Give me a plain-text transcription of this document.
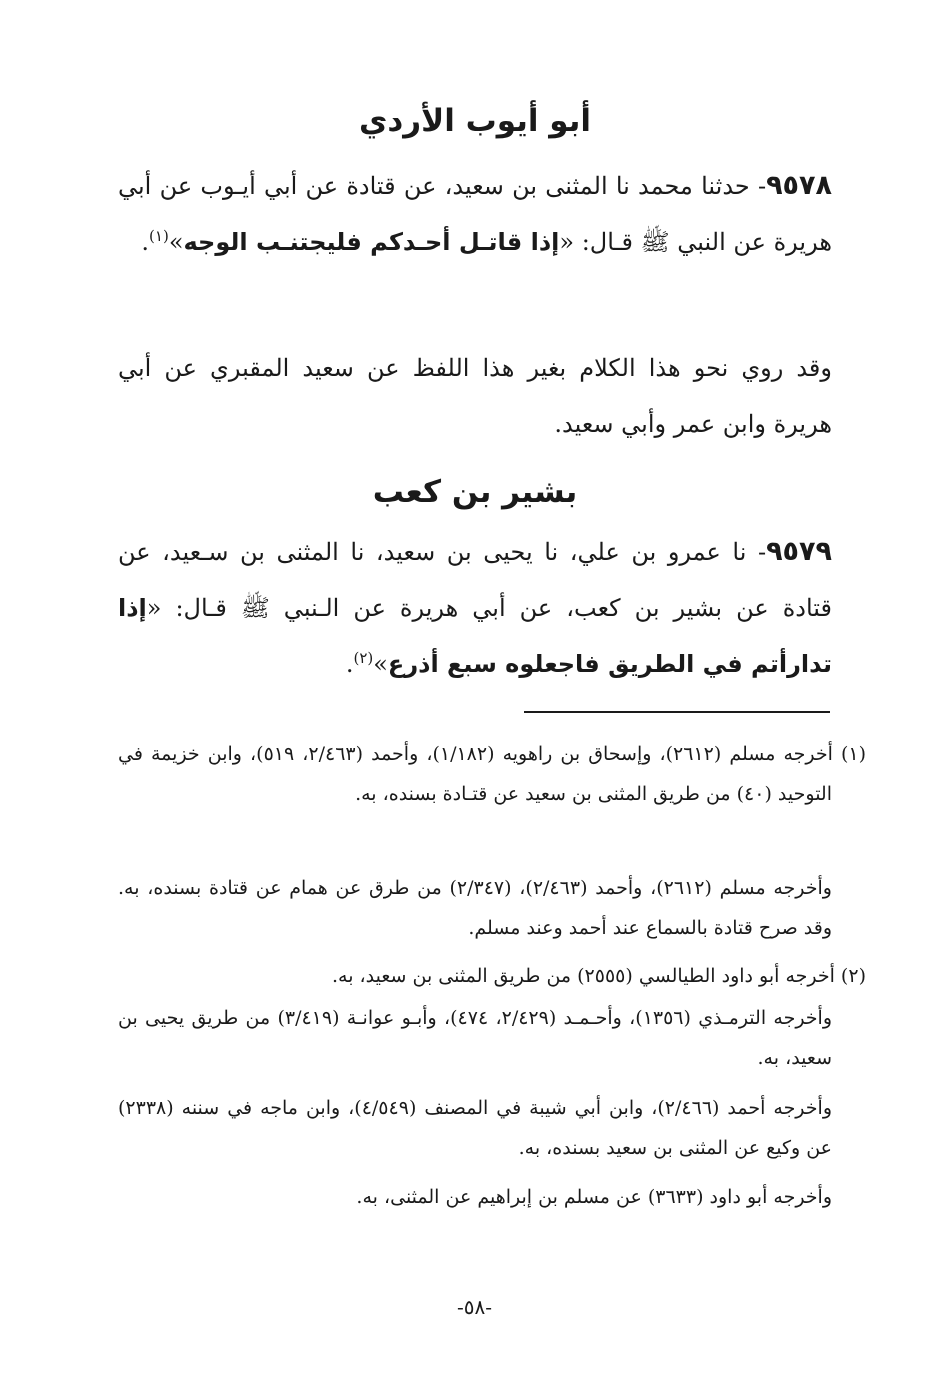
أبو أيوب الأردي
٩٥٧٨- حدثنا محمد نا المثنى بن سعيد، عن قتادة عن أبي أيـوب عن أبي هريرة عن النبي ﷺ قـال: «إذا قاتـل أحـدكم فليجتنـب الوجه»$^{(١)}$.
وقد روي نحو هذا الكلام بغير هذا اللفظ عن سعيد المقبري عن أبي هريرة وابن عمر وأبي سعيد.
بشير بن كعب
٩٥٧٩- نا عمرو بن علي، نا يحيى بن سعيد، نا المثنى بن سـعيد، عن قتادة عن بشير بن كعب، عن أبي هريرة عن الـنبي ﷺ قـال: «إذا تدارأتم في الطريق فاجعلوه سبع أذرع»$^{(٢)}$.
(١) أخرجه مسلم (٢٦١٢)، وإسحاق بن راهويه (١/١٨٢)، وأحمد (٢/٤٦٣، ٥١٩)، وابن خزيمة في التوحيد (٤٠) من طريق المثنى بن سعيد عن قتـادة بسنده، به.
وأخرجه مسلم (٢٦١٢)، وأحمد (٢/٤٦٣)، (٢/٣٤٧) من طرق عن همام عن قتادة بسنده، به. وقد صرح قتادة بالسماع عند أحمد وعند مسلم.
(٢) أخرجه أبو داود الطيالسي (٢٥٥٥) من طريق المثنى بن سعيد، به.
وأخرجه الترمـذي (١٣٥٦)، وأحـمـد (٢/٤٢٩، ٤٧٤)، وأبـو عوانـة (٣/٤١٩) من طريق يحيى بن سعيد، به.
وأخرجه أحمد (٢/٤٦٦)، وابن أبي شيبة في المصنف (٤/٥٤٩)، وابن ماجه في سننه (٢٣٣٨) عن وكيع عن المثنى بن سعيد بسنده، به.
وأخرجه أبو داود (٣٦٣٣) عن مسلم بن إبراهيم عن المثنى، به.
-٥٨-
